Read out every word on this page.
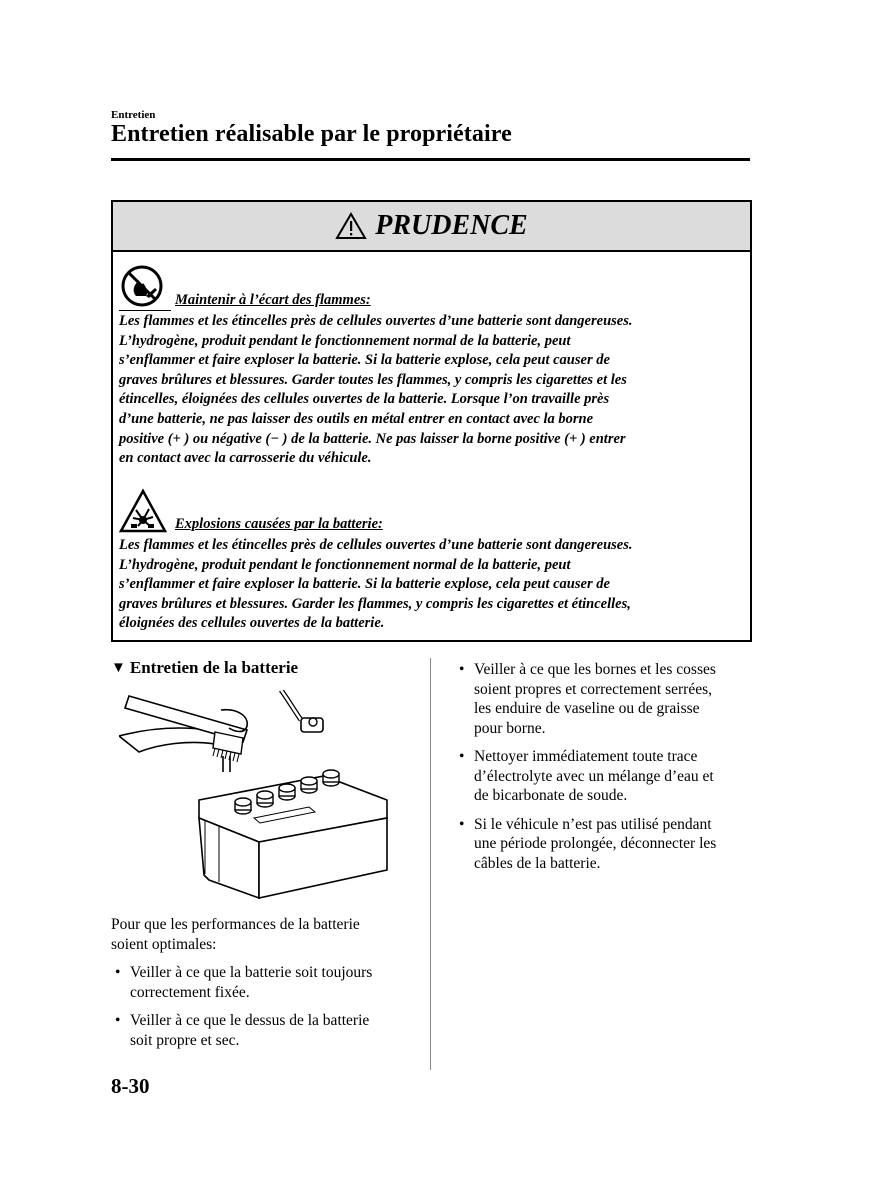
Entretien
Entretien réalisable par le propriétaire
PRUDENCE
Maintenir à l’écart des flammes:
Les flammes et les étincelles près de cellules ouvertes d’une batterie sont dangereuses.
L’hydrogène, produit pendant le fonctionnement normal de la batterie, peut
s’enflammer et faire exploser la batterie. Si la batterie explose, cela peut causer de
graves brûlures et blessures. Garder toutes les flammes, y compris les cigarettes et les
étincelles, éloignées des cellules ouvertes de la batterie. Lorsque l’on travaille près
d’une batterie, ne pas laisser des outils en métal entrer en contact avec la borne
positive (+ ) ou négative (− ) de la batterie. Ne pas laisser la borne positive (+ ) entrer
en contact avec la carrosserie du véhicule.
Explosions causées par la batterie:
Les flammes et les étincelles près de cellules ouvertes d’une batterie sont dangereuses.
L’hydrogène, produit pendant le fonctionnement normal de la batterie, peut
s’enflammer et faire exploser la batterie. Si la batterie explose, cela peut causer de
graves brûlures et blessures. Garder les flammes, y compris les cigarettes et étincelles,
éloignées des cellules ouvertes de la batterie.
▼ Entretien de la batterie
Pour que les performances de la batterie
soient optimales:
• Veiller à ce que la batterie soit toujours
correctement fixée.
• Veiller à ce que le dessus de la batterie
soit propre et sec.
• Veiller à ce que les bornes et les cosses
soient propres et correctement serrées,
les enduire de vaseline ou de graisse
pour borne.
• Nettoyer immédiatement toute trace
d’électrolyte avec un mélange d’eau et
de bicarbonate de soude.
• Si le véhicule n’est pas utilisé pendant
une période prolongée, déconnecter les
câbles de la batterie.
8-30
